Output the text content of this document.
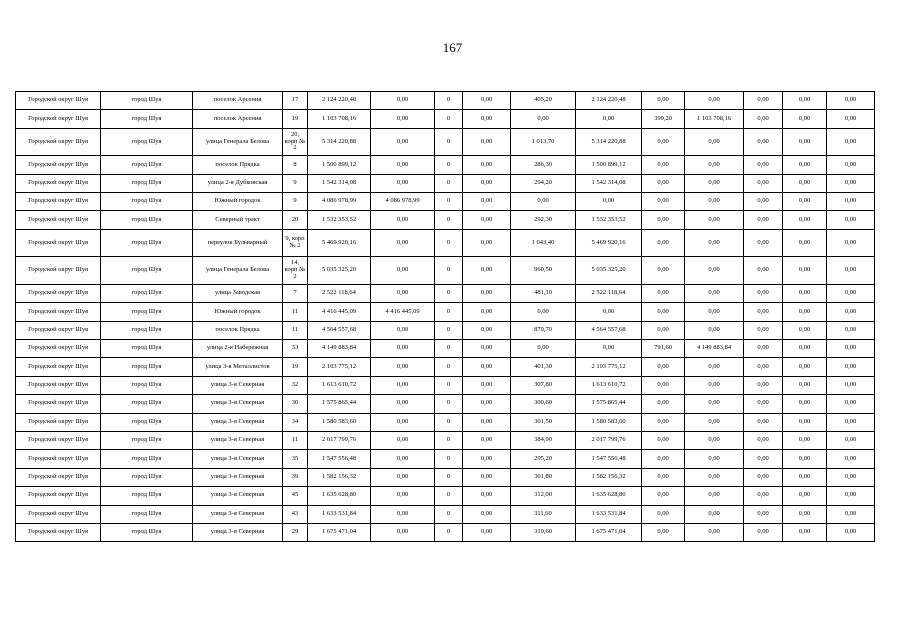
167
Городской округ Шуя	город Шуя	поселок Арсения	17	2 124 220,48	0,00	0	0,00	405,20	2 124 220,48	0,00	0,00	0,00	0,00	0,00
Городской округ Шуя	город Шуя	поселок Арсения	19	1 103 708,16	0,00	0	0,00	0,00	0,00	399,20	1 103 708,16	0,00	0,00	0,00
Городской округ Шуя	город Шуя	улица Генерала Белова	20, корп № 2	5 314 220,88	0,00	0	0,00	1 013,70	5 314 220,88	0,00	0,00	0,00	0,00	0,00
Городской округ Шуя	город Шуя	поселок Прядка	8	1 500 899,12	0,00	0	0,00	286,30	1 500 899,12	0,00	0,00	0,00	0,00	0,00
Городской округ Шуя	город Шуя	улица 2-я Дубковская	9	1 542 314,08	0,00	0	0,00	294,20	1 542 314,08	0,00	0,00	0,00	0,00	0,00
Городской округ Шуя	город Шуя	Южный городок	9	4 086 978,99	4 086 978,99	0	0,00	0,00	0,00	0,00	0,00	0,00	0,00	0,00
Городской округ Шуя	город Шуя	Северный тракт	20	1 532 353,52	0,00	0	0,00	292,30	1 532 353,52	0,00	0,00	0,00	0,00	0,00
Городской округ Шуя	город Шуя	переулок Бульварный	9, корп № 2	5 469 920,16	0,00	0	0,00	1 043,40	5 469 920,16	0,00	0,00	0,00	0,00	0,00
Городской округ Шуя	город Шуя	улица Генерала Белова	14, корп № 2	5 035 325,20	0,00	0	0,00	960,50	5 035 325,20	0,00	0,00	0,00	0,00	0,00
Городской округ Шуя	город Шуя	улица Заводская	7	2 522 118,64	0,00	0	0,00	481,10	2 522 118,64	0,00	0,00	0,00	0,00	0,00
Городской округ Шуя	город Шуя	Южный городок	11	4 416 445,09	4 416 445,09	0	0,00	0,00	0,00	0,00	0,00	0,00	0,00	0,00
Городской округ Шуя	город Шуя	поселок Прядка	11	4 564 557,68	0,00	0	0,00	870,70	4 564 557,68	0,00	0,00	0,00	0,00	0,00
Городской округ Шуя	город Шуя	улица 2-я Набережная	33	4 149 883,84	0,00	0	0,00	0,00	0,00	791,60	4 149 883,84	0,00	0,00	0,00
Городской округ Шуя	город Шуя	улица 3-я Металлистов	19	2 103 775,12	0,00	0	0,00	401,30	2 103 775,12	0,00	0,00	0,00	0,00	0,00
Городской округ Шуя	город Шуя	улица 3-я Северная	32	1 613 610,72	0,00	0	0,00	307,80	1 613 610,72	0,00	0,00	0,00	0,00	0,00
Городской округ Шуя	город Шуя	улица 3-я Северная	30	1 575 865,44	0,00	0	0,00	300,60	1 575 865,44	0,00	0,00	0,00	0,00	0,00
Городской округ Шуя	город Шуя	улица 3-я Северная	34	1 580 583,60	0,00	0	0,00	301,50	1 580 583,60	0,00	0,00	0,00	0,00	0,00
Городской округ Шуя	город Шуя	улица 3-я Северная	11	2 017 799,76	0,00	0	0,00	384,90	2 017 799,76	0,00	0,00	0,00	0,00	0,00
Городской округ Шуя	город Шуя	улица 3-я Северная	35	1 547 556,48	0,00	0	0,00	295,20	1 547 556,48	0,00	0,00	0,00	0,00	0,00
Городской округ Шуя	город Шуя	улица 3-я Северная	39	1 582 156,32	0,00	0	0,00	301,80	1 582 156,32	0,00	0,00	0,00	0,00	0,00
Городской округ Шуя	город Шуя	улица 3-я Северная	45	1 635 628,80	0,00	0	0,00	312,00	1 635 628,80	0,00	0,00	0,00	0,00	0,00
Городской округ Шуя	город Шуя	улица 3-я Северная	43	1 633 531,84	0,00	0	0,00	311,60	1 633 531,84	0,00	0,00	0,00	0,00	0,00
Городской округ Шуя	город Шуя	улица 3-я Северная	29	1 675 471,04	0,00	0	0,00	319,60	1 675 471,04	0,00	0,00	0,00	0,00	0,00
